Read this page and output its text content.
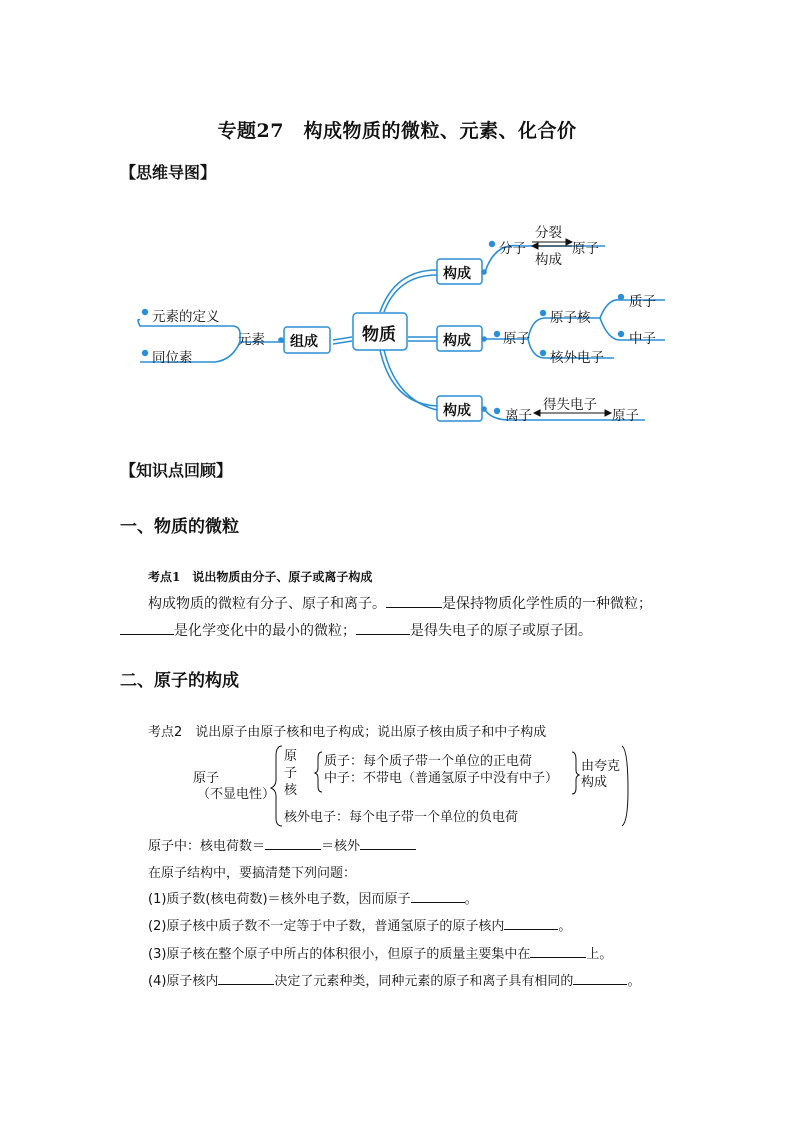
专题27　构成物质的微粒、元素、化合价
【思维导图】
元素的定义
同位素
元素 组成	物质
构成
构成
构成
分子
分裂
构成
原子
原子
原子核
核外电子
质子
中子
离子
得失电子
原子
【知识点回顾】
一、物质的微粒
考点1　说出物质由分子、原子或离子构成
构成物质的微粒有分子、原子和离子。	是保持物质化学性质的一种微粒；
是化学变化中的最小的微粒；	是得失电子的原子或原子团。
二、原子的构成
考点2　说出原子由原子核和电子构成；说出原子核由质子和中子构成
原子
（不显电性）
原
子
核
质子：每个质子带一个单位的正电荷
中子：不带电（普通氢原子中没有中子）
由夸克
构成
核外电子：每个电子带一个单位的负电荷
原子中：核电荷数＝	＝核外
在原子结构中，要搞清楚下列问题：
(1)质子数(核电荷数)＝核外电子数，因而原子	。
(2)原子核中质子数不一定等于中子数，普通氢原子的原子核内	。
(3)原子核在整个原子中所占的体积很小，但原子的质量主要集中在	上。
(4)原子核内	决定了元素种类，同种元素的原子和离子具有相同的	。
